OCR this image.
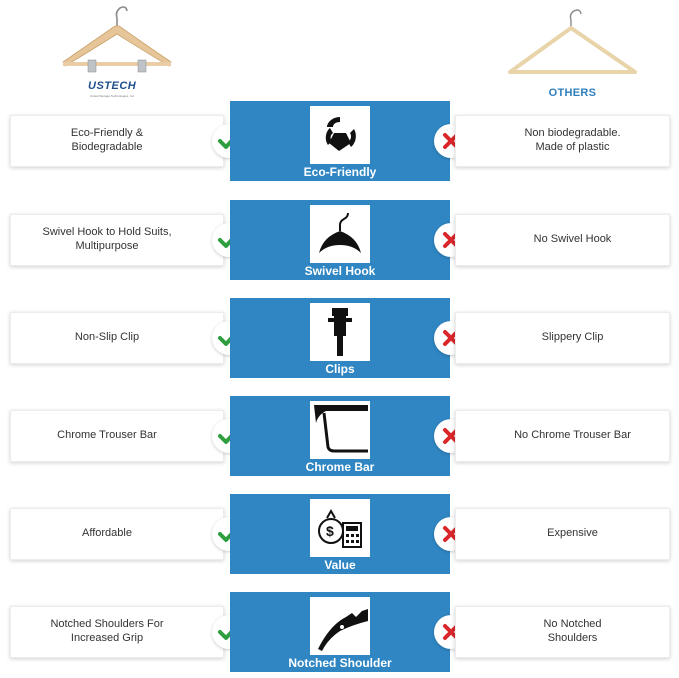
USTECH
United Storage Technologies, Inc.	OTHERS
Eco-Friendly &
Biodegradable
Eco-Friendly
Non biodegradable.
Made of plastic
Swivel Hook to Hold Suits,
Multipurpose
Swivel Hook
No Swivel Hook
Non-Slip Clip
Clips
Slippery Clip
Chrome Trouser Bar
Chrome Bar
No Chrome Trouser Bar
Affordable	$
Value
Expensive
Notched Shoulders For
Increased Grip
Notched Shoulder
No Notched
Shoulders
